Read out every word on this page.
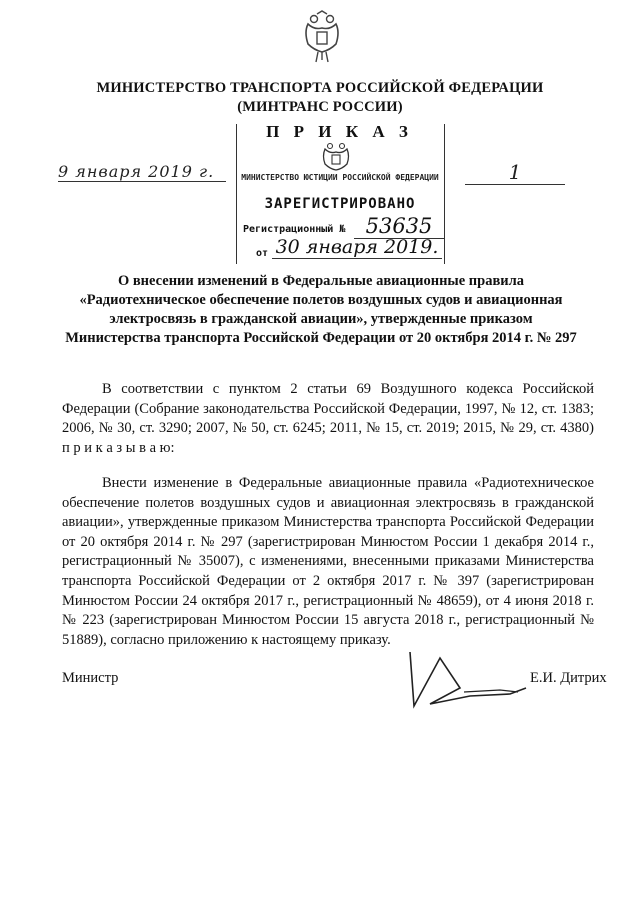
МИНИСТЕРСТВО ТРАНСПОРТА РОССИЙСКОЙ ФЕДЕРАЦИИ
(МИНТРАНС РОССИИ)
П Р И К А З
9 января 2019 г.	1
МИНИСТЕРСТВО ЮСТИЦИИ РОССИЙСКОЙ ФЕДЕРАЦИИ
ЗАРЕГИСТРИРОВАНО
Регистрационный № 53635
от 30 января 2019.
О внесении изменений в Федеральные авиационные правила «Радиотехническое обеспечение полетов воздушных судов и авиационная электросвязь в гражданской авиации», утвержденные приказом Министерства транспорта Российской Федерации от 20 октября 2014 г. № 297
В соответствии с пунктом 2 статьи 69 Воздушного кодекса Российской Федерации (Собрание законодательства Российской Федерации, 1997, № 12, ст. 1383; 2006, № 30, ст. 3290; 2007, № 50, ст. 6245; 2011, № 15, ст. 2019; 2015, № 29, ст. 4380) п р и к а з ы в а ю:
Внести изменение в Федеральные авиационные правила «Радиотехническое обеспечение полетов воздушных судов и авиационная электросвязь в гражданской авиации», утвержденные приказом Министерства транспорта Российской Федерации от 20 октября 2014 г. № 297 (зарегистрирован Минюстом России 1 декабря 2014 г., регистрационный № 35007), с изменениями, внесенными приказами Министерства транспорта Российской Федерации от 2 октября 2017 г. № 397 (зарегистрирован Минюстом России 24 октября 2017 г., регистрационный № 48659), от 4 июня 2018 г. № 223 (зарегистрирован Минюстом России 15 августа 2018 г., регистрационный № 51889), согласно приложению к настоящему приказу.
Министр	Е.И. Дитрих
